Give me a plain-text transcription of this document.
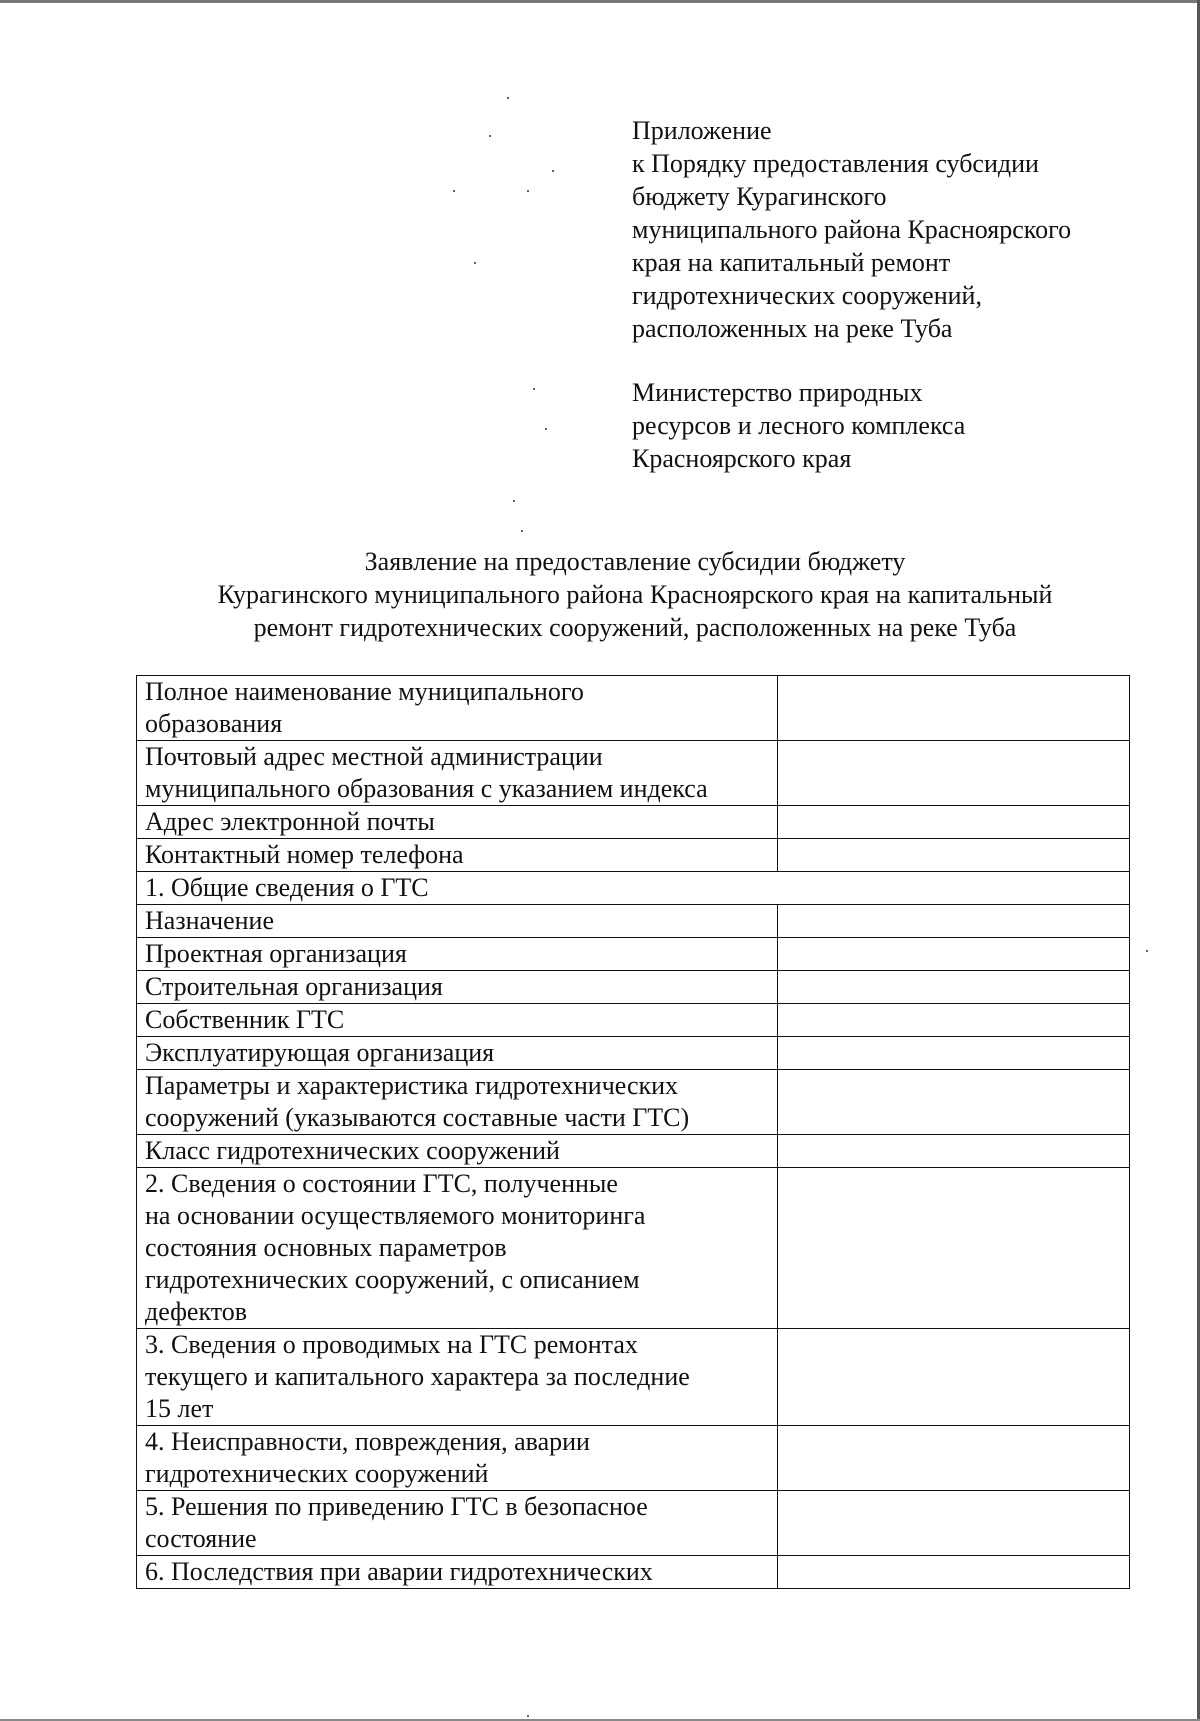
Приложение
к Порядку предоставления субсидии
бюджету Курагинского
муниципального района Красноярского
края на капитальный ремонт
гидротехнических сооружений,
расположенных на реке Туба
Министерство природных
ресурсов и лесного комплекса
Красноярского края
Заявление на предоставление субсидии бюджету
Курагинского муниципального района Красноярского края на капитальный
ремонт гидротехнических сооружений, расположенных на реке Туба
Полное наименование муниципального
образования	

Почтовый адрес местной администрации
муниципального образования с указанием индекса	

Адрес электронной почты	

Контактный номер телефона	

1. Общие сведения о ГТС	

Назначение	

Проектная организация	

Строительная организация	

Собственник ГТС	

Эксплуатирующая организация	

Параметры и характеристика гидротехнических
сооружений (указываются составные части ГТС)	

Класс гидротехнических сооружений	

2. Сведения о состоянии ГТС, полученные
на основании осуществляемого мониторинга
состояния основных параметров
гидротехнических сооружений, с описанием
дефектов	

3. Сведения о проводимых на ГТС ремонтах
текущего и капитального характера за последние
15 лет	

4. Неисправности, повреждения, аварии
гидротехнических сооружений	

5. Решения по приведению ГТС в безопасное
состояние	

6. Последствия при аварии гидротехнических	
